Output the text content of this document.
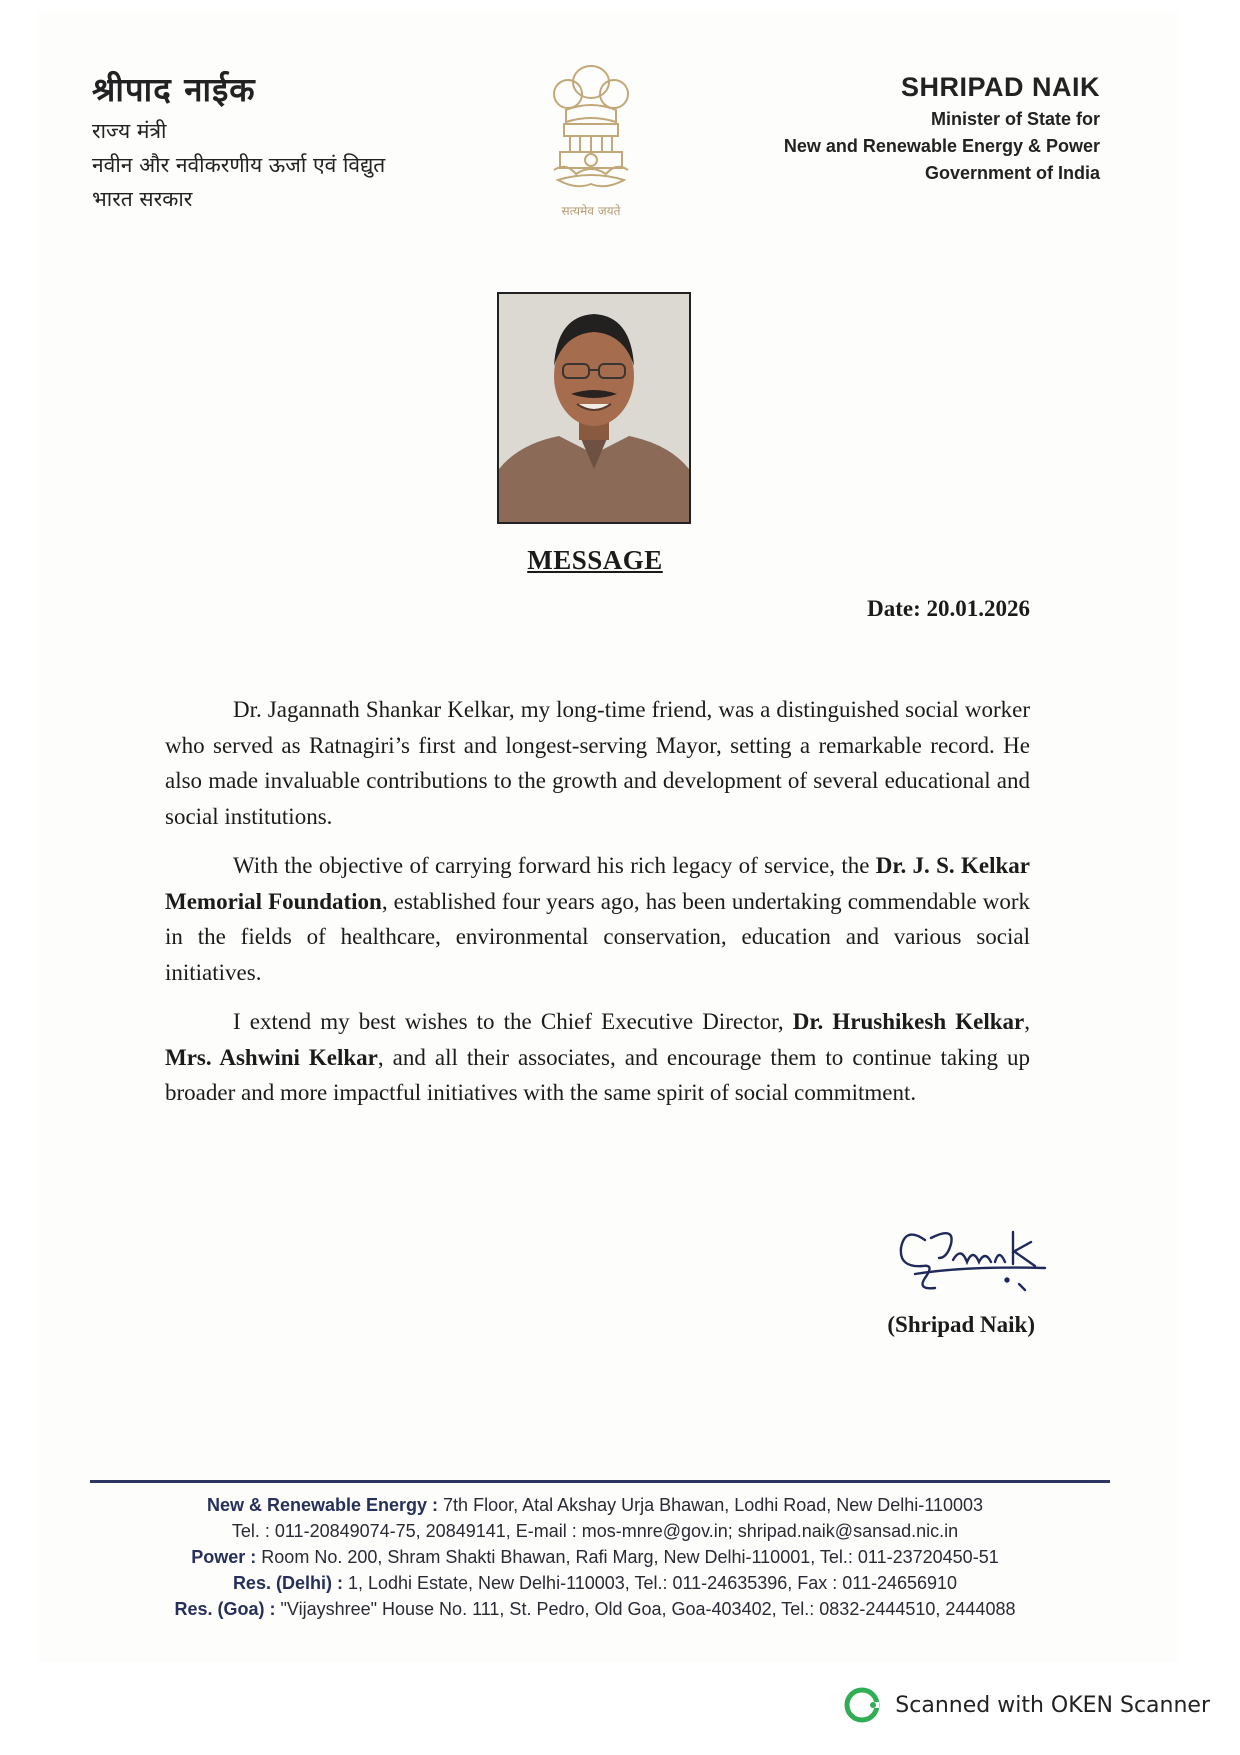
श्रीपाद नाईक
राज्य मंत्री
नवीन और नवीकरणीय ऊर्जा एवं विद्युत
भारत सरकार	सत्यमेव जयते
SHRIPAD NAIK
Minister of State for
New and Renewable Energy & Power
Government of India
MESSAGE
Date: 20.01.2026

Dr. Jagannath Shankar Kelkar, my long-time friend, was a distinguished social worker who served as Ratnagiri’s first and longest-serving Mayor, setting a remarkable record. He also made invaluable contributions to the growth and development of several educational and social institutions.

With the objective of carrying forward his rich legacy of service, the Dr. J. S. Kelkar Memorial Foundation, established four years ago, has been undertaking commendable work in the fields of healthcare, environmental conservation, education and various social initiatives.

I extend my best wishes to the Chief Executive Director, Dr. Hrushikesh Kelkar, Mrs. Ashwini Kelkar, and all their associates, and encourage them to continue taking up broader and more impactful initiatives with the same spirit of social commitment.

(Shripad Naik)
New & Renewable Energy : 7th Floor, Atal Akshay Urja Bhawan, Lodhi Road, New Delhi-110003
Tel. : 011-20849074-75, 20849141, E-mail : mos-mnre@gov.in; shripad.naik@sansad.nic.in
Power : Room No. 200, Shram Shakti Bhawan, Rafi Marg, New Delhi-110001, Tel.: 011-23720450-51
Res. (Delhi) : 1, Lodhi Estate, New Delhi-110003, Tel.: 011-24635396, Fax : 011-24656910
Res. (Goa) : "Vijayshree" House No. 111, St. Pedro, Old Goa, Goa-403402, Tel.: 0832-2444510, 2444088
Scanned with OKEN Scanner
